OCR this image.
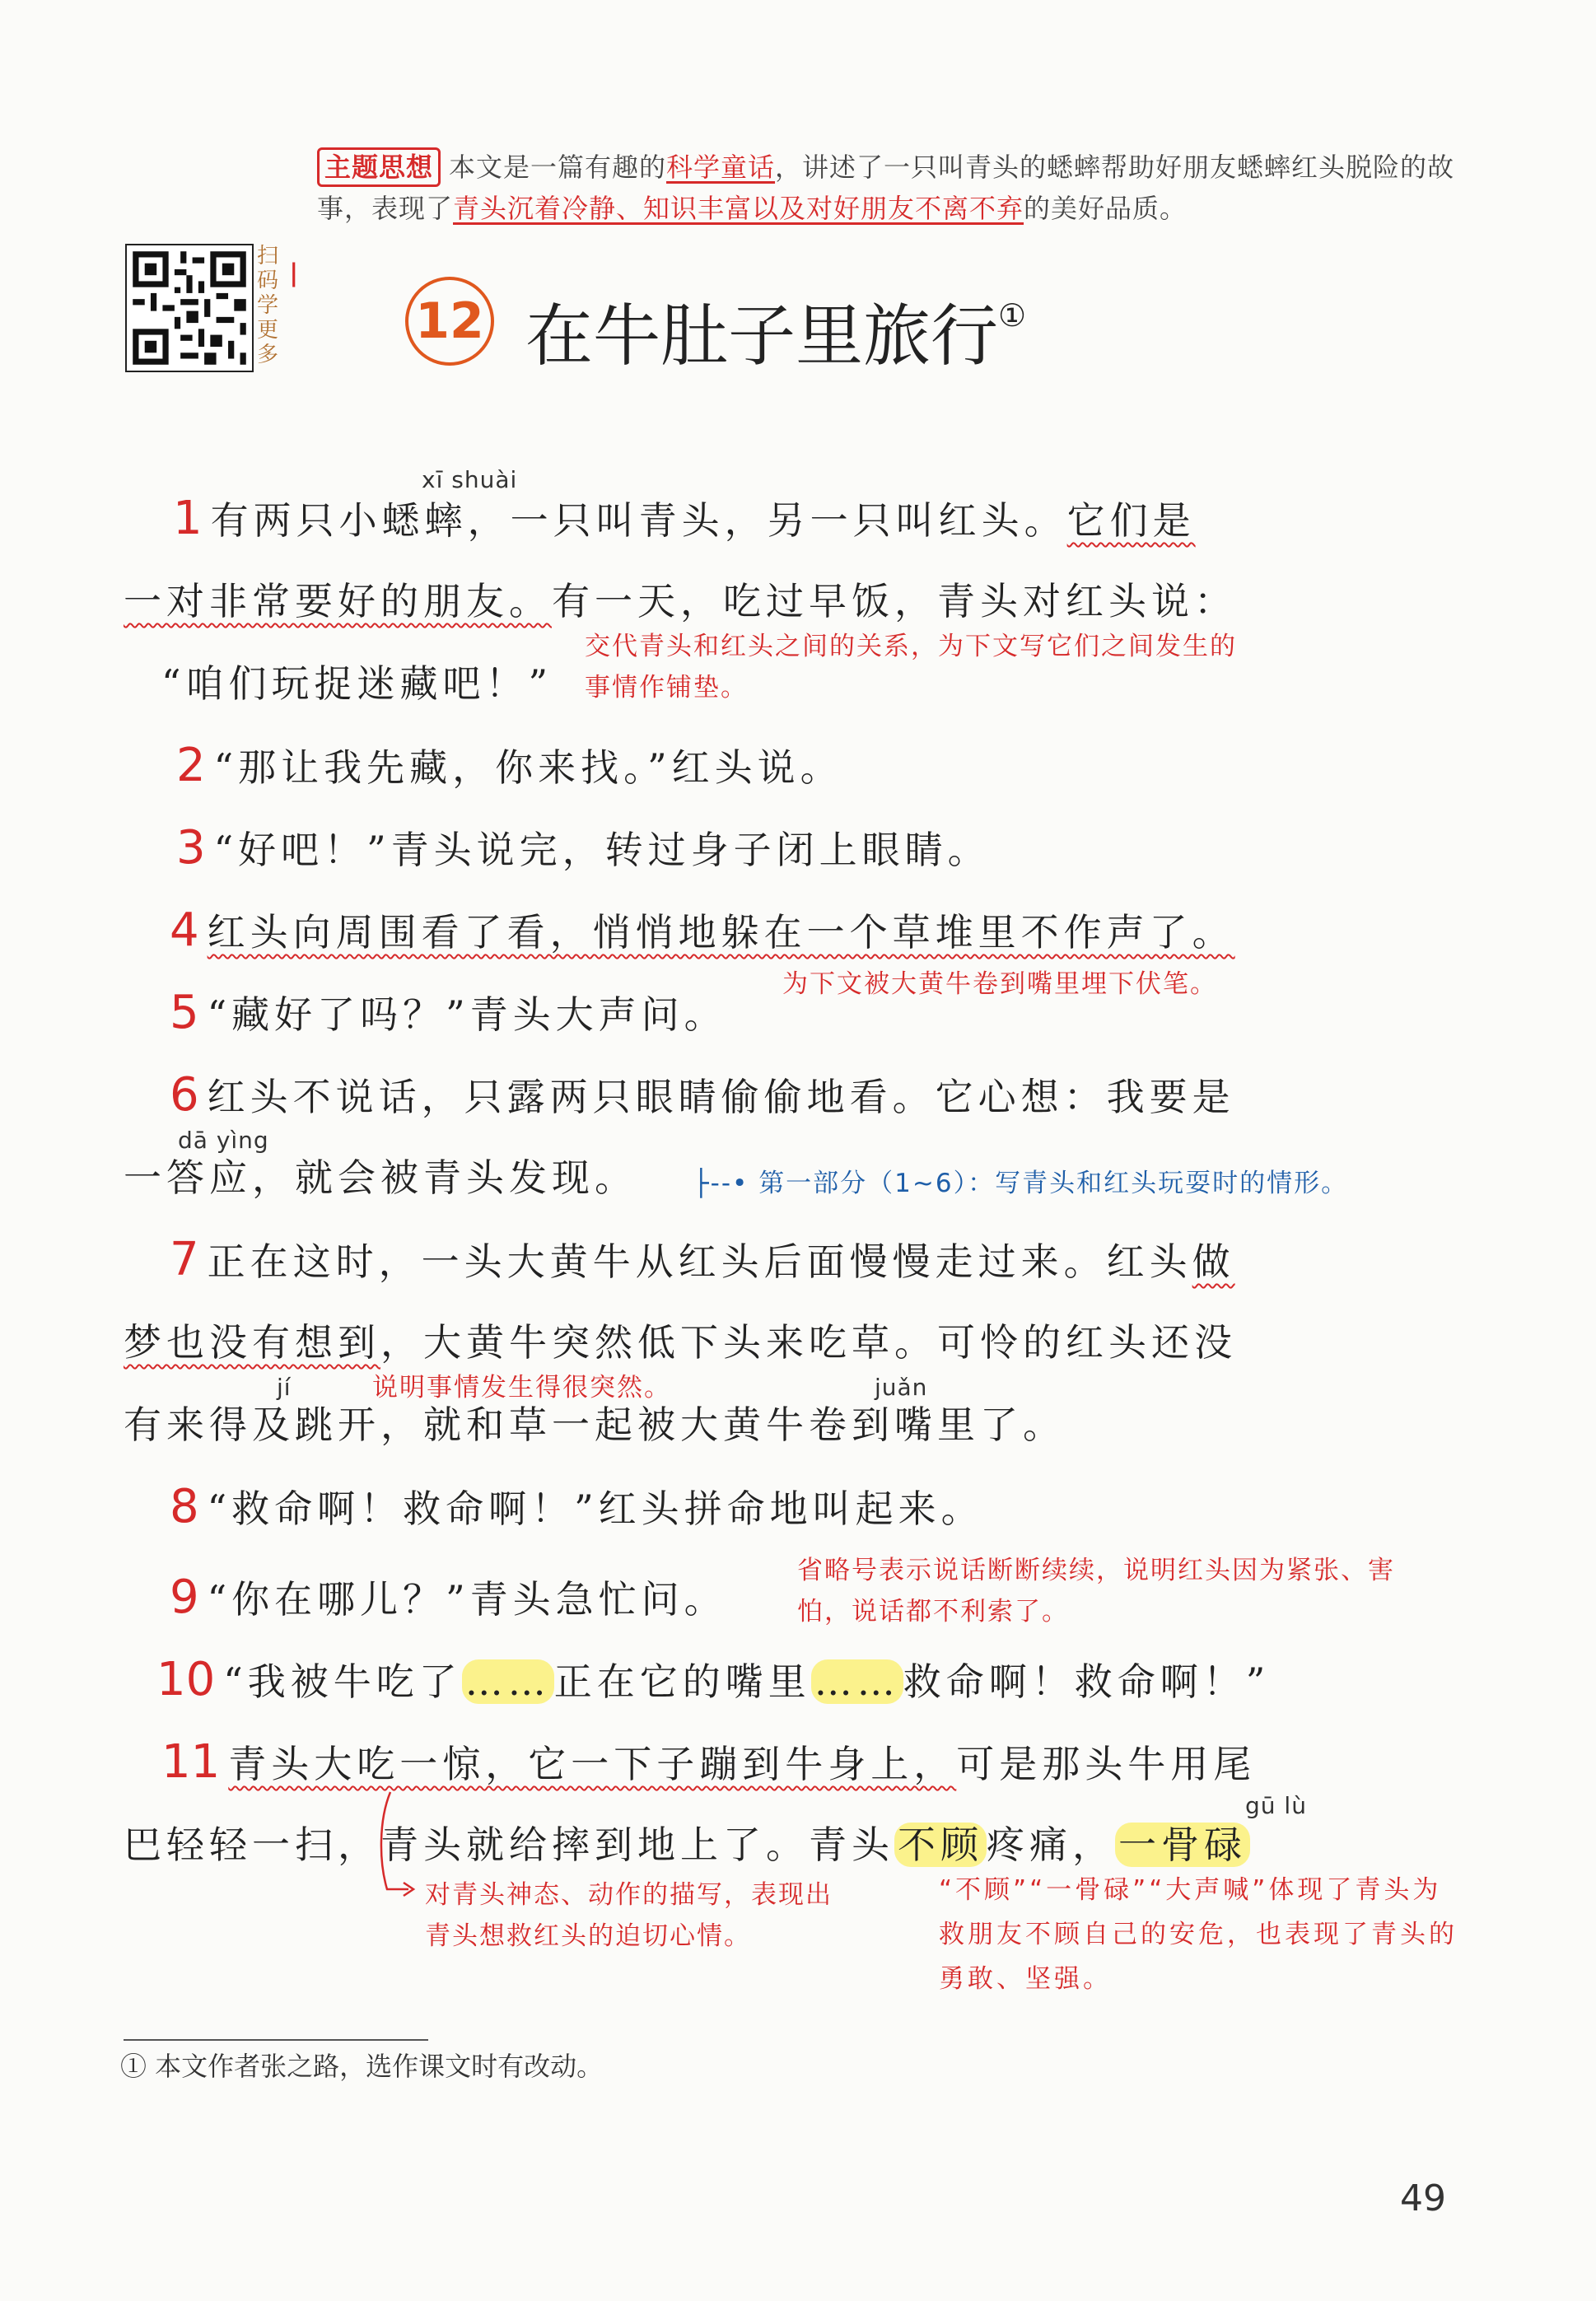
主题思想 本文是一篇有趣的科学童话，讲述了一只叫青头的蟋蟀帮助好朋友蟋蟀红头脱险的故事，表现了青头沉着冷静、知识丰富以及对好朋友不离不弃的美好品质。
扫码学更多
ǀ
12 在牛肚子里旅行①
xī shuài
1 有两只小蟋蟀，一只叫青头，另一只叫红头。它们是
一对非常要好的朋友。有一天，吃过早饭，青头对红头说：
“咱们玩捉迷藏吧！”
交代青头和红头之间的关系，为下文写它们之间发生的事情作铺垫。
2 “那让我先藏，你来找。”红头说。
3 “好吧！”青头说完，转过身子闭上眼睛。
4 红头向周围看了看，悄悄地躲在一个草堆里不作声了。
为下文被大黄牛卷到嘴里埋下伏笔。
5 “藏好了吗？”青头大声问。
6 红头不说话，只露两只眼睛偷偷地看。它心想：我要是
dā yìng
一答应，就会被青头发现。 ├--• 第一部分（1~6）：写青头和红头玩耍时的情形。
7 正在这时，一头大黄牛从红头后面慢慢走过来。红头做
梦也没有想到，大黄牛突然低下头来吃草。可怜的红头还没
jí	说明事情发生得很突然。	juǎn
有来得及跳开，就和草一起被大黄牛卷到嘴里了。
8 “救命啊！救命啊！”红头拼命地叫起来。
9 “你在哪儿？”青头急忙问。
省略号表示说话断断续续，说明红头因为紧张、害怕，说话都不利索了。
10 “我被牛吃了……正在它的嘴里……救命啊！救命啊！”
11 青头大吃一惊，它一下子蹦到牛身上，可是那头牛用尾
gū lù
巴轻轻一扫，青头就给摔到地上了。青头不顾疼痛，一骨碌
对青头神态、动作的描写，表现出青头想救红头的迫切心情。
“不顾”“一骨碌”“大声喊”体现了青头为救朋友不顾自己的安危，也表现了青头的勇敢、坚强。
① 本文作者张之路，选作课文时有改动。
49
